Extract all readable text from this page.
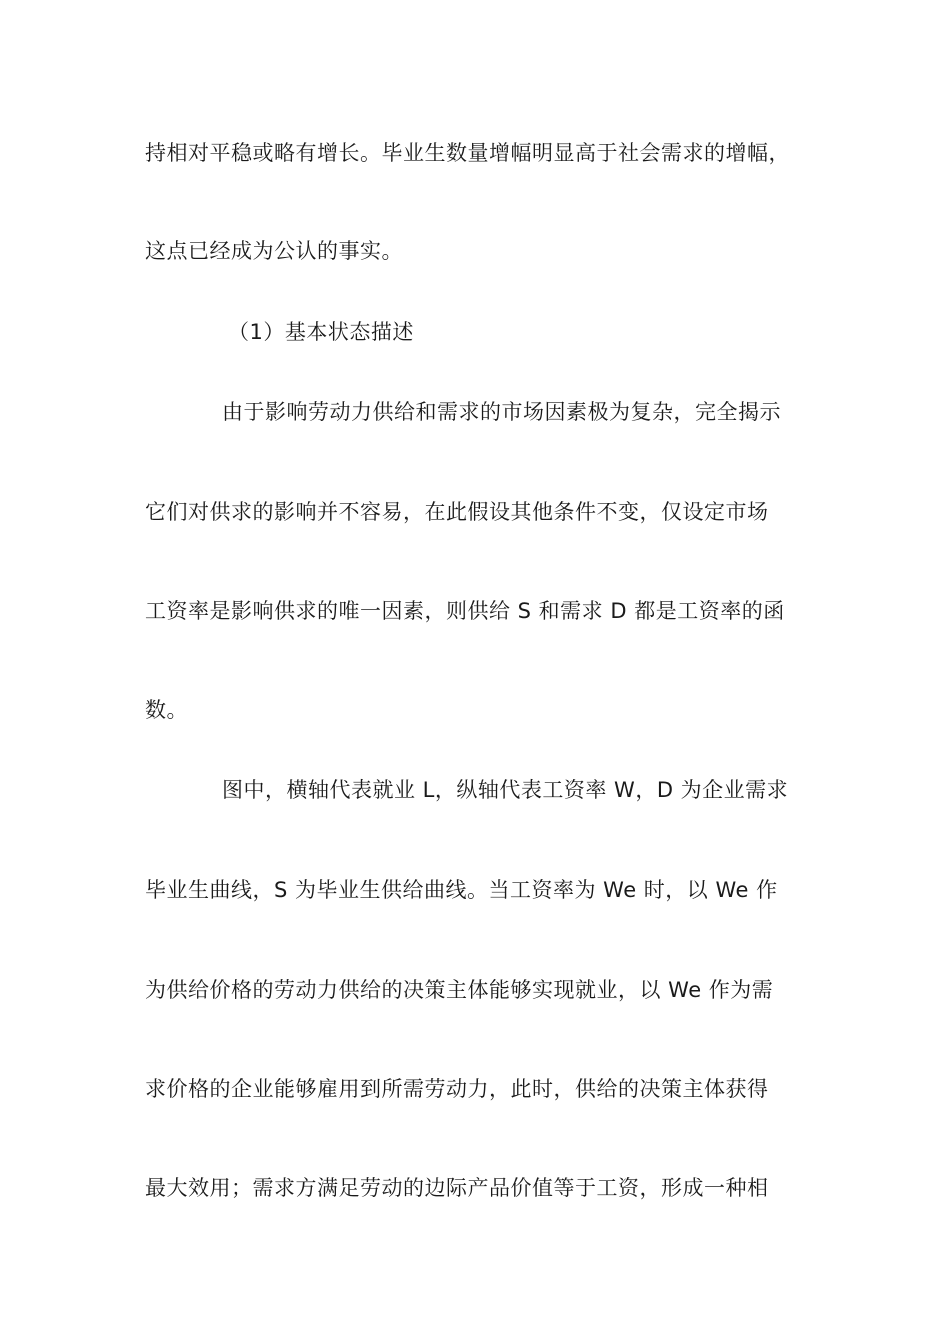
持相对平稳或略有增长。毕业生数量增幅明显高于社会需求的增幅，
这点已经成为公认的事实。
（1）基本状态描述
由于影响劳动力供给和需求的市场因素极为复杂，完全揭示
它们对供求的影响并不容易，在此假设其他条件不变，仅设定市场
工资率是影响供求的唯一因素，则供给 S 和需求 D 都是工资率的函
数。
图中，横轴代表就业 L，纵轴代表工资率 W，D 为企业需求
毕业生曲线，S 为毕业生供给曲线。当工资率为 We 时，以 We 作
为供给价格的劳动力供给的决策主体能够实现就业，以 We 作为需
求价格的企业能够雇用到所需劳动力，此时，供给的决策主体获得
最大效用；需求方满足劳动的边际产品价值等于工资，形成一种相
